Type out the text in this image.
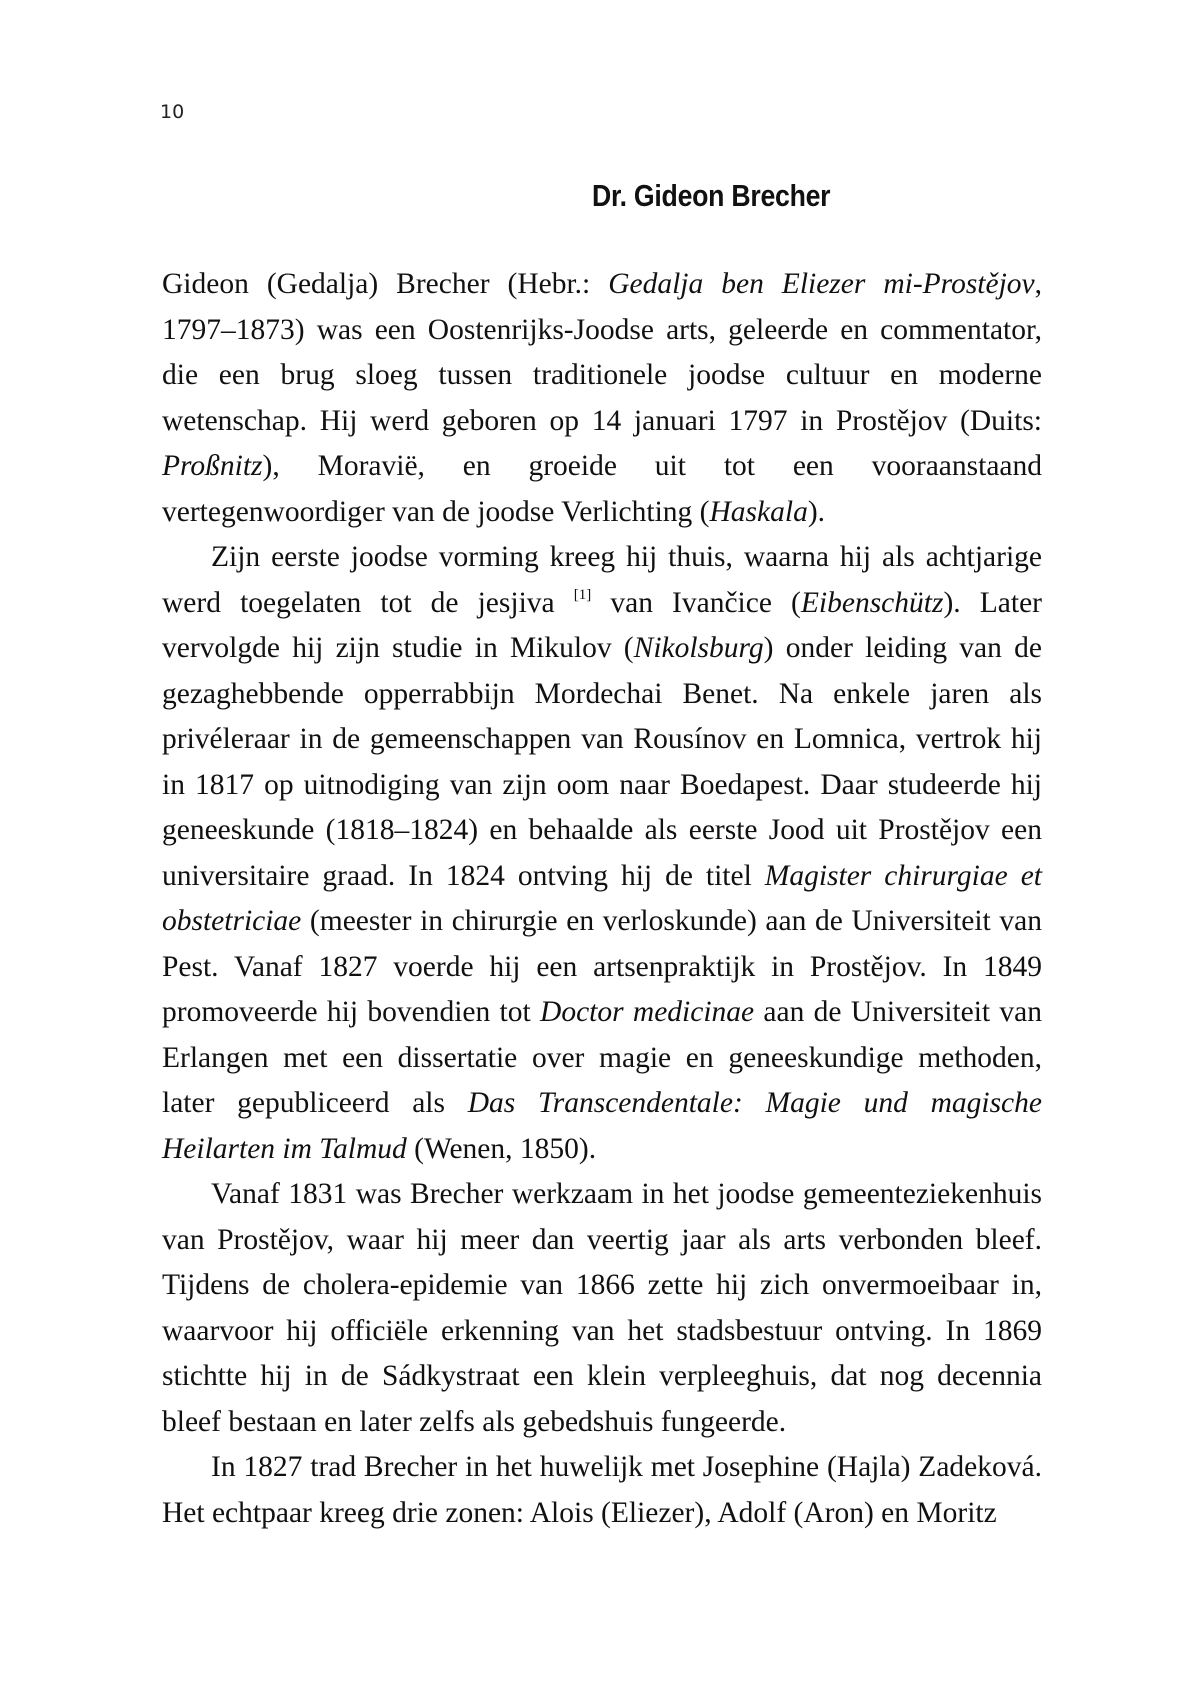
10
Dr. Gideon Brecher

Gideon (Gedalja) Brecher (Hebr.: Gedalja ben Eliezer mi-Prostějov, 1797–1873) was een Oostenrijks-Joodse arts, geleerde en commentator, die een brug sloeg tussen traditionele joodse cultuur en moderne wetenschap. Hij werd geboren op 14 januari 1797 in Prostějov (Duits: Proßnitz), Moravië, en groeide uit tot een vooraanstaand vertegenwoordiger van de joodse Verlichting (Haskala).

Zijn eerste joodse vorming kreeg hij thuis, waarna hij als achtjarige werd toegelaten tot de jesjiva [1] van Ivančice (Eibenschütz). Later vervolgde hij zijn studie in Mikulov (Nikolsburg) onder leiding van de gezaghebbende opperrabbijn Mordechai Benet. Na enkele jaren als privéleraar in de gemeenschappen van Rousínov en Lomnica, vertrok hij in 1817 op uitnodiging van zijn oom naar Boedapest. Daar studeerde hij geneeskunde (1818–1824) en behaalde als eerste Jood uit Prostějov een universitaire graad. In 1824 ontving hij de titel Magister chirurgiae et obstetriciae (meester in chirurgie en verloskunde) aan de Universiteit van Pest. Vanaf 1827 voerde hij een artsenpraktijk in Prostějov. In 1849 promoveerde hij bovendien tot Doctor medicinae aan de Universiteit van Erlangen met een dissertatie over magie en geneeskundige methoden, later gepubliceerd als Das Transcendentale: Magie und magische Heilarten im Talmud (Wenen, 1850).

Vanaf 1831 was Brecher werkzaam in het joodse gemeenteziekenhuis van Prostějov, waar hij meer dan veertig jaar als arts verbonden bleef. Tijdens de cholera-epidemie van 1866 zette hij zich onvermoeibaar in, waarvoor hij officiële erkenning van het stadsbestuur ontving. In 1869 stichtte hij in de Sádkystraat een klein verpleeghuis, dat nog decennia bleef bestaan en later zelfs als gebedshuis fungeerde.

In 1827 trad Brecher in het huwelijk met Josephine (Hajla) Zadeková. Het echtpaar kreeg drie zonen: Alois (Eliezer), Adolf (Aron) en Moritz
